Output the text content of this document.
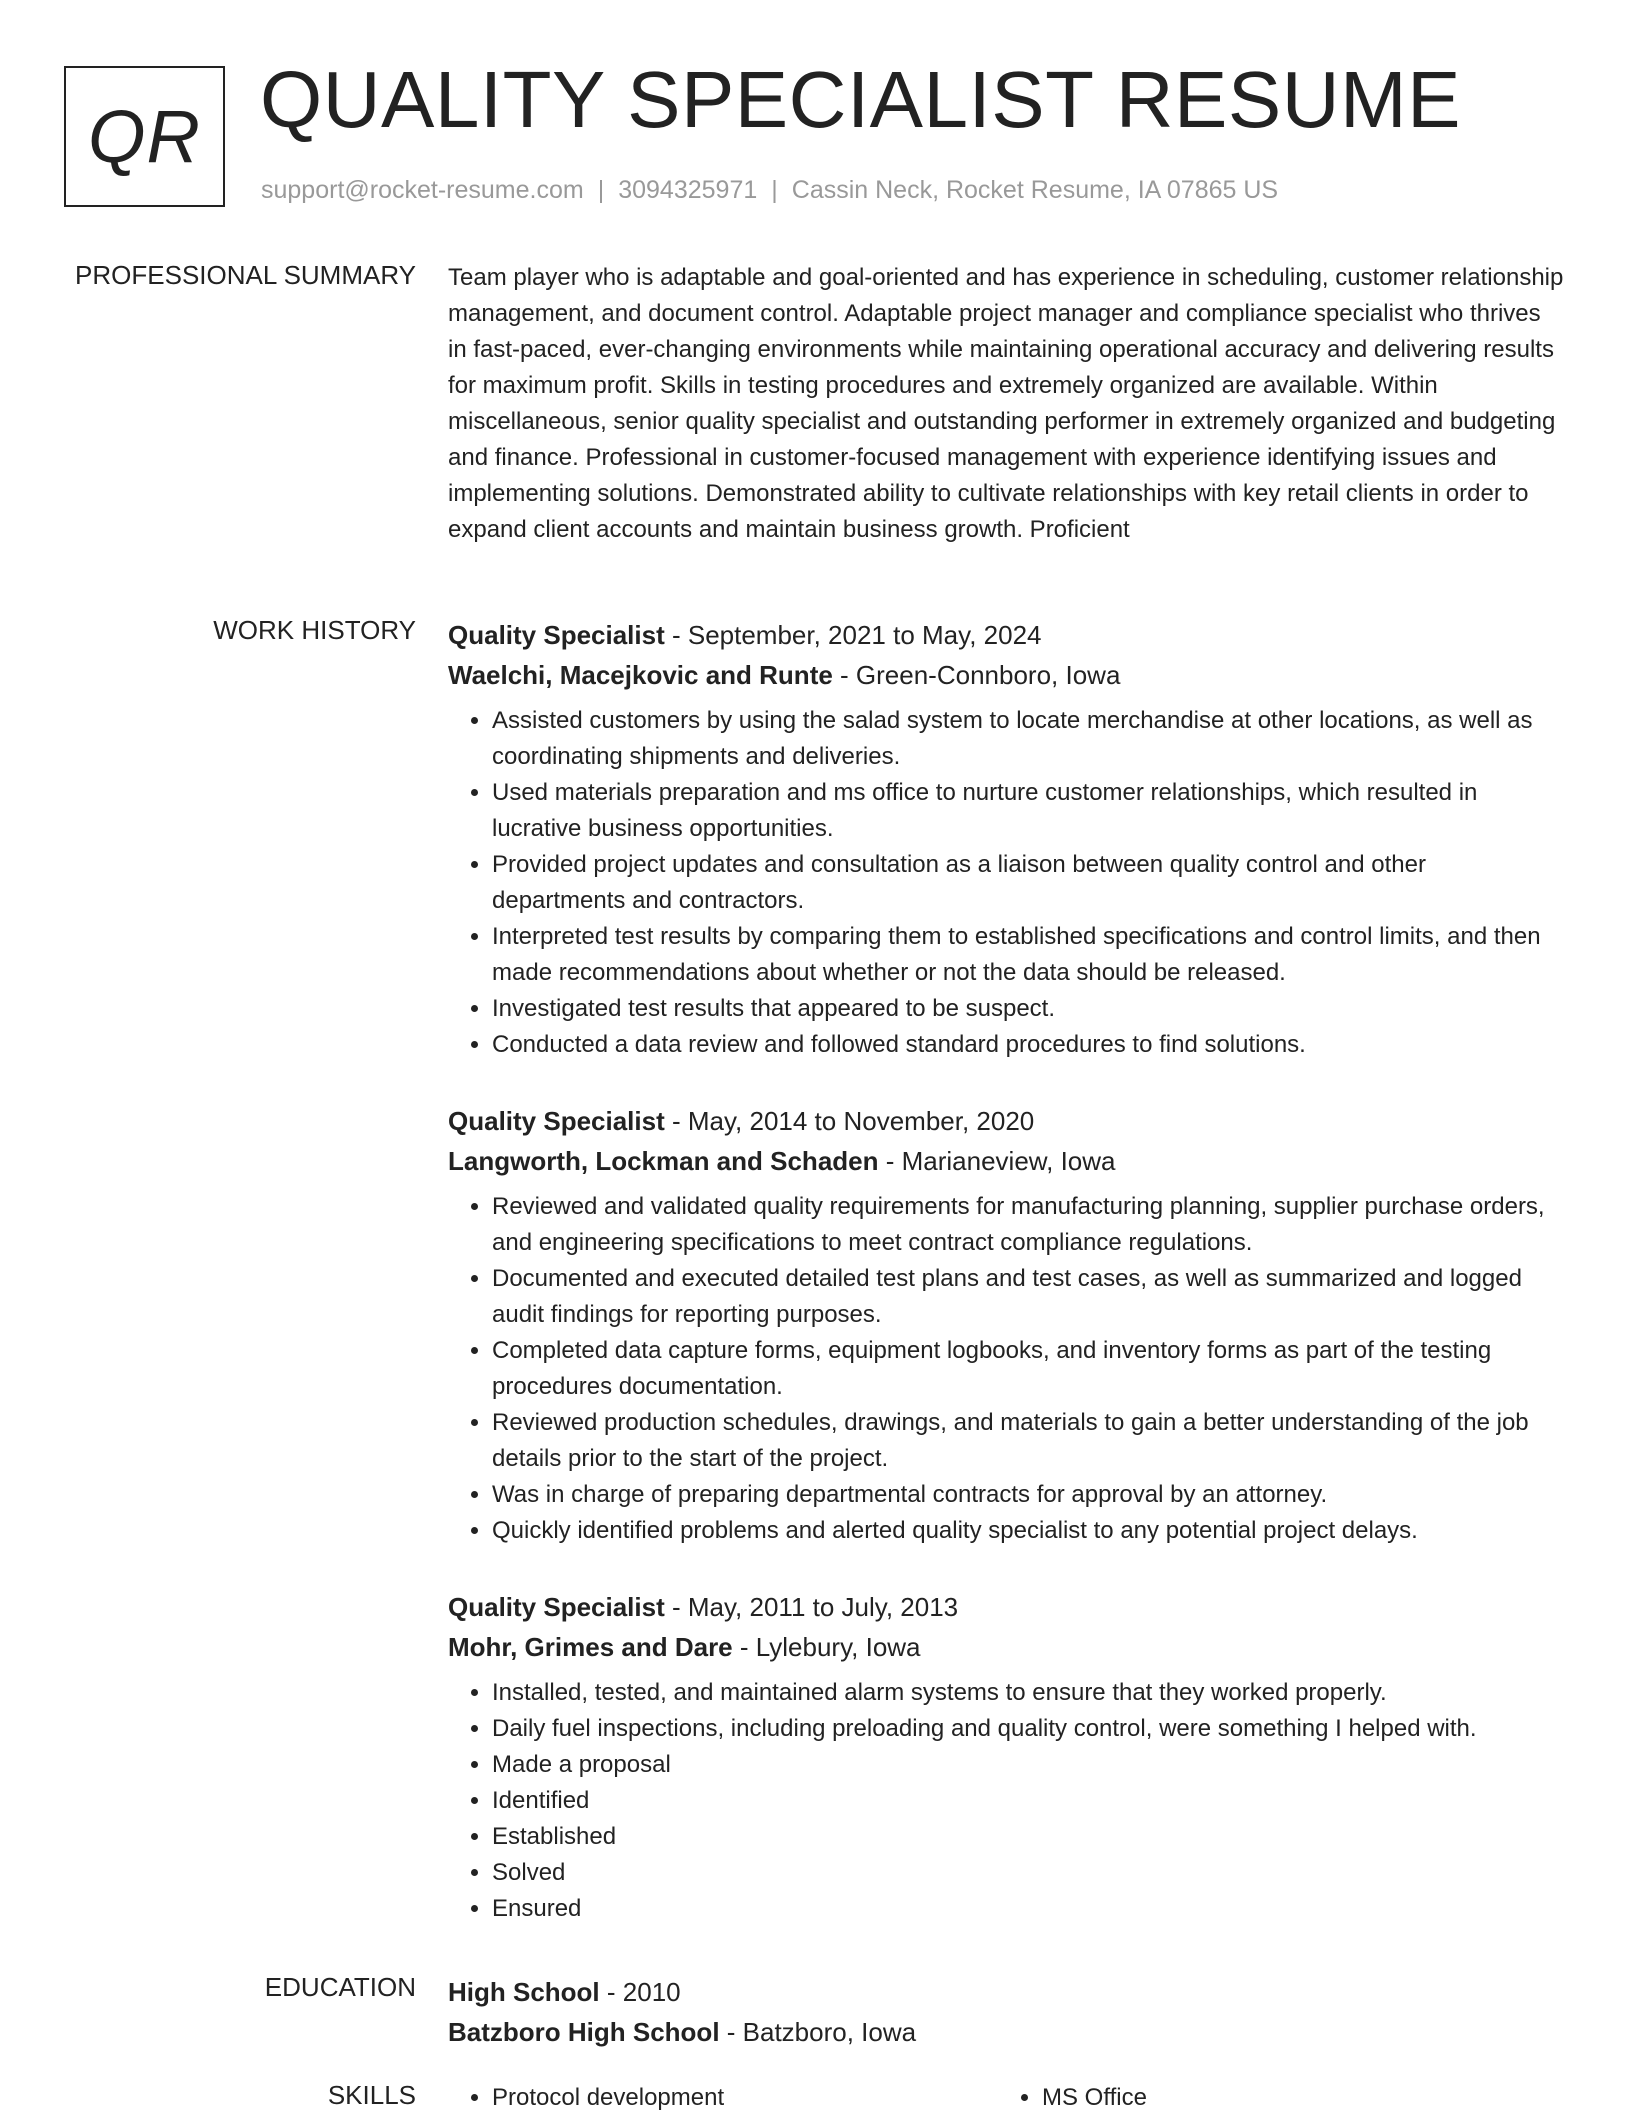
QR QUALITY SPECIALIST RESUME
support@rocket-resume.com | 3094325971 | Cassin Neck, Rocket Resume, IA 07865 US
PROFESSIONAL SUMMARY Team player who is adaptable and goal-oriented and has experience in scheduling, customer relationship management, and document control. Adaptable project manager and compliance specialist who thrives in fast-paced, ever-changing environments while maintaining operational accuracy and delivering results for maximum profit. Skills in testing procedures and extremely organized are available. Within miscellaneous, senior quality specialist and outstanding performer in extremely organized and budgeting and finance. Professional in customer-focused management with experience identifying issues and implementing solutions. Demonstrated ability to cultivate relationships with key retail clients in order to expand client accounts and maintain business growth. Proficient

WORK HISTORY Quality Specialist - September, 2021 to May, 2024
Waelchi, Macejkovic and Runte - Green-Connboro, Iowa
• Assisted customers by using the salad system to locate merchandise at other locations, as well as coordinating shipments and deliveries.
• Used materials preparation and ms office to nurture customer relationships, which resulted in lucrative business opportunities.
• Provided project updates and consultation as a liaison between quality control and other departments and contractors.
• Interpreted test results by comparing them to established specifications and control limits, and then made recommendations about whether or not the data should be released.
• Investigated test results that appeared to be suspect.
• Conducted a data review and followed standard procedures to find solutions.
Quality Specialist - May, 2014 to November, 2020
Langworth, Lockman and Schaden - Marianeview, Iowa
• Reviewed and validated quality requirements for manufacturing planning, supplier purchase orders, and engineering specifications to meet contract compliance regulations.
• Documented and executed detailed test plans and test cases, as well as summarized and logged audit findings for reporting purposes.
• Completed data capture forms, equipment logbooks, and inventory forms as part of the testing procedures documentation.
• Reviewed production schedules, drawings, and materials to gain a better understanding of the job details prior to the start of the project.
• Was in charge of preparing departmental contracts for approval by an attorney.
• Quickly identified problems and alerted quality specialist to any potential project delays.
Quality Specialist - May, 2011 to July, 2013
Mohr, Grimes and Dare - Lylebury, Iowa
• Installed, tested, and maintained alarm systems to ensure that they worked properly.
• Daily fuel inspections, including preloading and quality control, were something I helped with.
• Made a proposal
• Identified
• Established
• Solved
• Ensured
EDUCATION High School - 2010
Batzboro High School - Batzboro, Iowa
SKILLS	• Protocol development	• MS Office
